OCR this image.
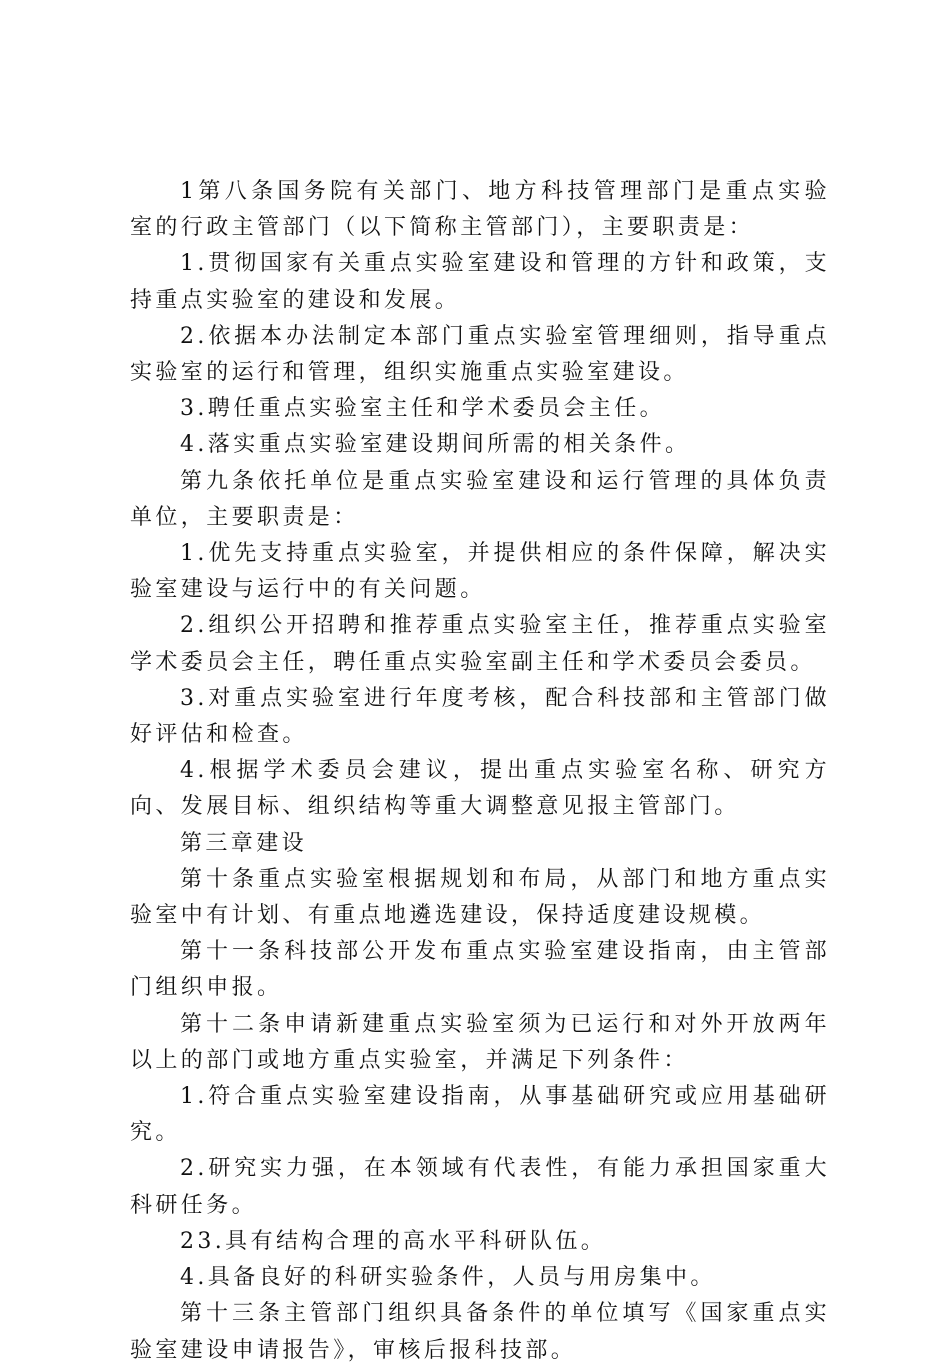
1第八条国务院有关部门、地方科技管理部门是重点实验室的行政主管部门（以下简称主管部门），主要职责是：

1.贯彻国家有关重点实验室建设和管理的方针和政策，支持重点实验室的建设和发展。

2.依据本办法制定本部门重点实验室管理细则，指导重点实验室的运行和管理，组织实施重点实验室建设。

3.聘任重点实验室主任和学术委员会主任。

4.落实重点实验室建设期间所需的相关条件。

第九条依托单位是重点实验室建设和运行管理的具体负责单位，主要职责是：

1.优先支持重点实验室，并提供相应的条件保障，解决实验室建设与运行中的有关问题。

2.组织公开招聘和推荐重点实验室主任，推荐重点实验室学术委员会主任，聘任重点实验室副主任和学术委员会委员。

3.对重点实验室进行年度考核，配合科技部和主管部门做好评估和检查。

4.根据学术委员会建议，提出重点实验室名称、研究方向、发展目标、组织结构等重大调整意见报主管部门。

第三章建设

第十条重点实验室根据规划和布局，从部门和地方重点实验室中有计划、有重点地遴选建设，保持适度建设规模。

第十一条科技部公开发布重点实验室建设指南，由主管部门组织申报。

第十二条申请新建重点实验室须为已运行和对外开放两年以上的部门或地方重点实验室，并满足下列条件：

1.符合重点实验室建设指南，从事基础研究或应用基础研究。

2.研究实力强，在本领域有代表性，有能力承担国家重大科研任务。

23.具有结构合理的高水平科研队伍。

4.具备良好的科研实验条件，人员与用房集中。

第十三条主管部门组织具备条件的单位填写《国家重点实验室建设申请报告》，审核后报科技部。
